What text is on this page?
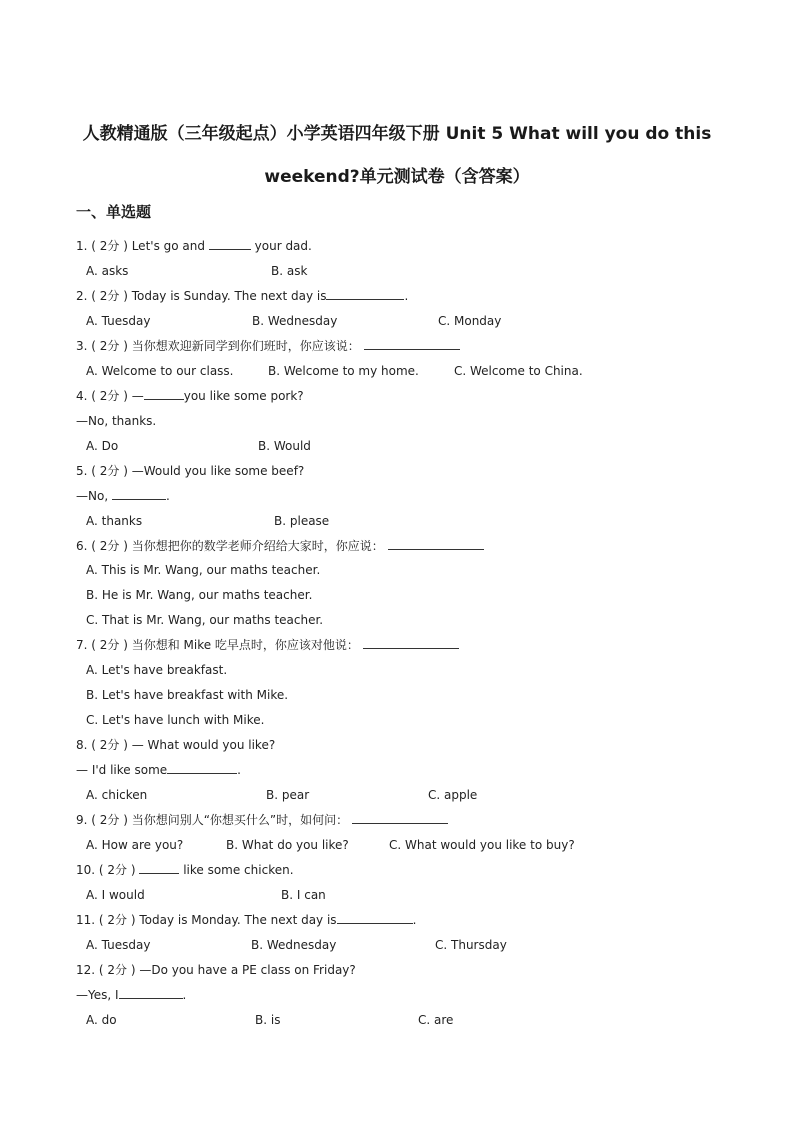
人教精通版（三年级起点）小学英语四年级下册 Unit 5 What will you do this
weekend?单元测试卷（含答案）
一、单选题
1. ( 2分 ) Let's go and	your dad.
A. asks	B. ask
2. ( 2分 ) Today is Sunday. The next day is	.
A. Tuesday	B. Wednesday	C. Monday
3. ( 2分 ) 当你想欢迎新同学到你们班时，你应该说：
A. Welcome to our class.	B. Welcome to my home.	C. Welcome to China.
4. ( 2分 ) —	you like some pork?
—No, thanks.
A. Do	B. Would
5. ( 2分 ) —Would you like some beef?
—No,	.
A. thanks	B. please
6. ( 2分 ) 当你想把你的数学老师介绍给大家时，你应说：
A. This is Mr. Wang, our maths teacher.
B. He is Mr. Wang, our maths teacher.
C. That is Mr. Wang, our maths teacher.
7. ( 2分 ) 当你想和 Mike 吃早点时，你应该对他说：
A. Let's have breakfast.
B. Let's have breakfast with Mike.
C. Let's have lunch with Mike.
8. ( 2分 ) — What would you like?
— I'd like some	.
A. chicken	B. pear	C. apple
9. ( 2分 ) 当你想问别人“你想买什么”时，如何问：
A. How are you?	B. What do you like?	C. What would you like to buy?
10. ( 2分 )	like some chicken.
A. I would	B. I can
11. ( 2分 ) Today is Monday. The next day is	.
A. Tuesday	B. Wednesday	C. Thursday
12. ( 2分 ) —Do you have a PE class on Friday?
—Yes, I	.
A. do	B. is	C. are
